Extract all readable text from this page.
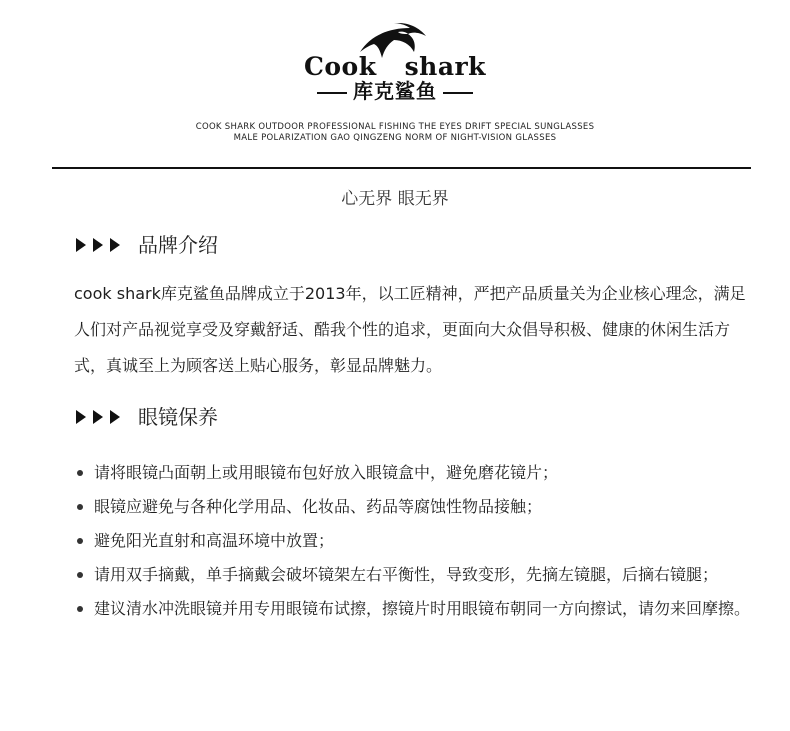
Cook shark

库克鲨鱼
COOK SHARK OUTDOOR PROFESSIONAL FISHING THE EYES DRIFT SPECIAL SUNGLASSES
MALE POLARIZATION GAO QINGZENG NORM OF NIGHT-VISION GLASSES
心无界 眼无界
品牌介绍

cook shark库克鲨鱼品牌成立于2013年，以工匠精神，严把产品质量关为企业核心理念，满足人们对产品视觉享受及穿戴舒适、酷我个性的追求，更面向大众倡导积极、健康的休闲生活方式，真诚至上为顾客送上贴心服务，彰显品牌魅力。

眼镜保养
请将眼镜凸面朝上或用眼镜布包好放入眼镜盒中，避免磨花镜片；
眼镜应避免与各种化学用品、化妆品、药品等腐蚀性物品接触；
避免阳光直射和高温环境中放置；
请用双手摘戴，单手摘戴会破坏镜架左右平衡性，导致变形，先摘左镜腿，后摘右镜腿；
建议清水冲洗眼镜并用专用眼镜布试擦，擦镜片时用眼镜布朝同一方向擦试，请勿来回摩擦。
